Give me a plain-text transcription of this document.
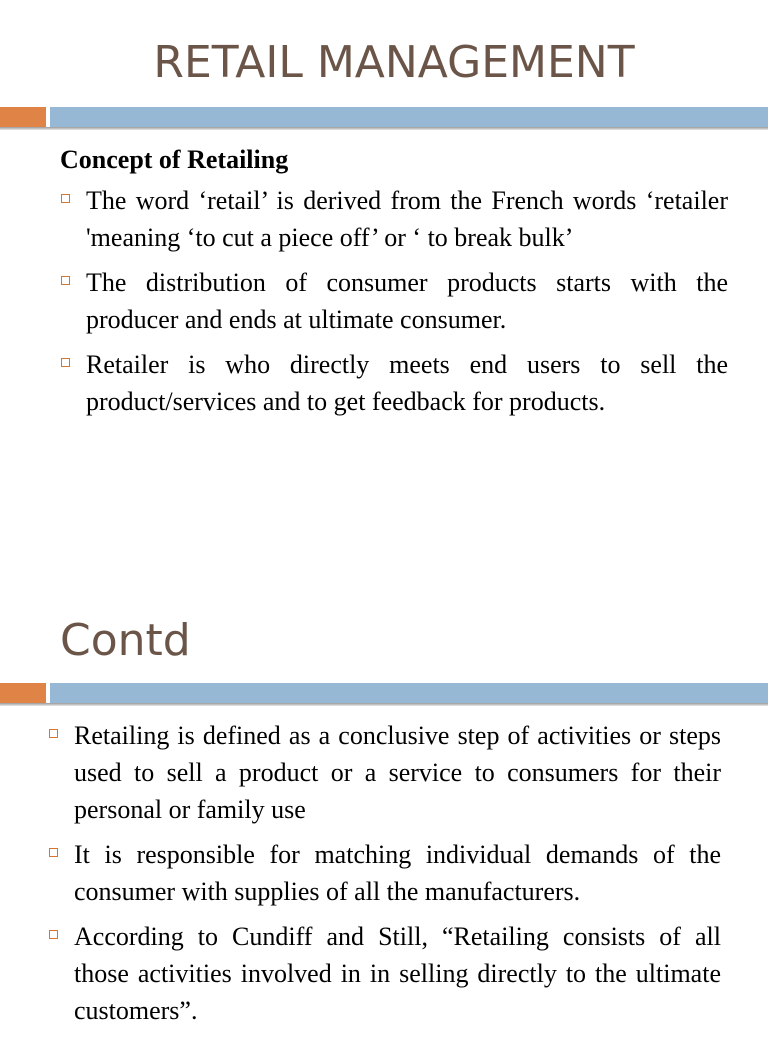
RETAIL MANAGEMENT

Concept of Retailing

The word ‘retail’ is derived from the French words ‘retailer 'meaning ‘to cut a piece off’ or ‘ to break bulk’
The distribution of consumer products starts with the producer and ends at ultimate consumer.
Retailer is who directly meets end users to sell the product/services and to get feedback for products.
Contd
Retailing is defined as a conclusive step of activities or steps used to sell a product or a service to consumers for their personal or family use
It is responsible for matching individual demands of the consumer with supplies of all the manufacturers.
According to Cundiff and Still, “Retailing consists of all those activities involved in in selling directly to the ultimate customers”.
